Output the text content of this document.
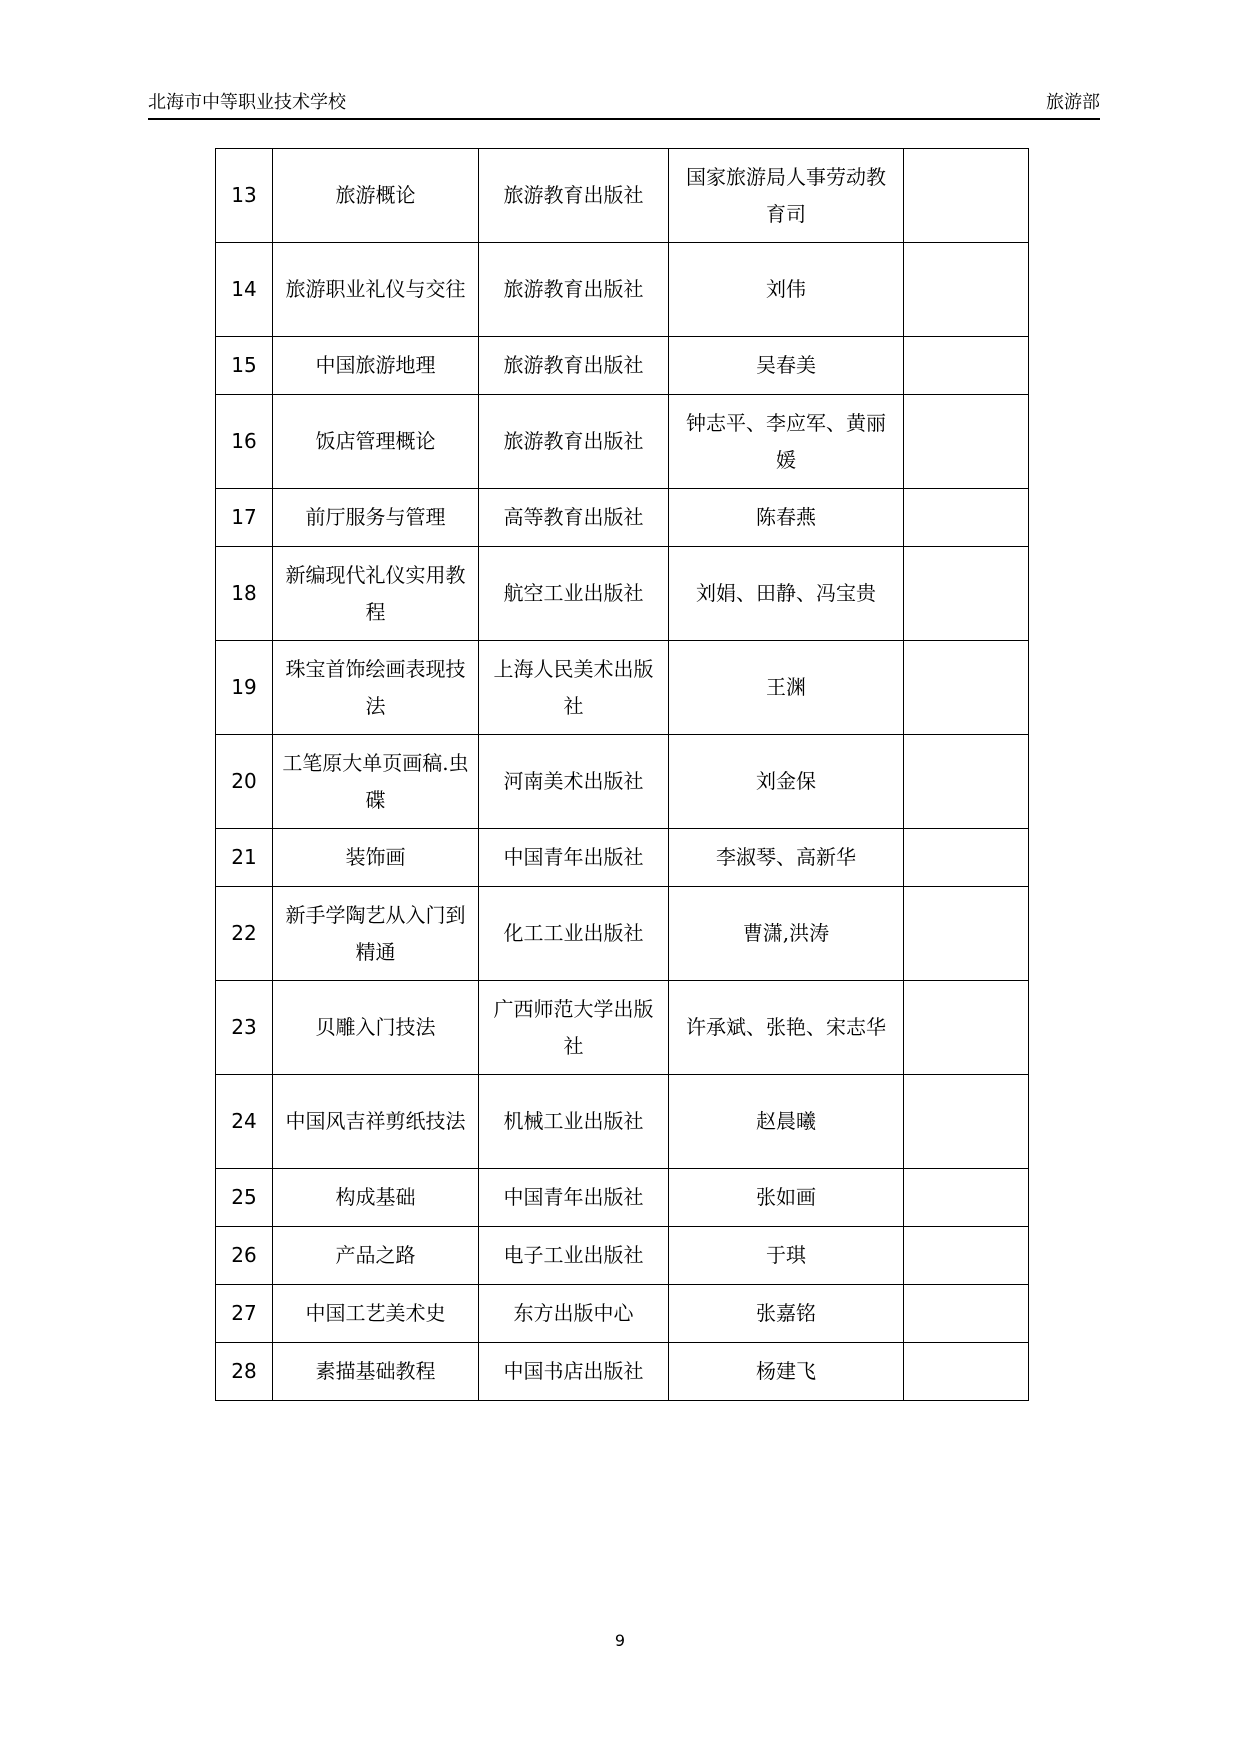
北海市中等职业技术学校	旅游部
13	旅游概论	旅游教育出版社	国家旅游局人事劳动教育司	
14	旅游职业礼仪与交往	旅游教育出版社	刘伟	
15	中国旅游地理	旅游教育出版社	吴春美	
16	饭店管理概论	旅游教育出版社	钟志平、李应军、黄丽媛	
17	前厅服务与管理	高等教育出版社	陈春燕	
18	新编现代礼仪实用教程	航空工业出版社	刘娟、田静、冯宝贵	
19	珠宝首饰绘画表现技法	上海人民美术出版社	王渊	
20	工笔原大单页画稿.虫碟	河南美术出版社	刘金保	
21	装饰画	中国青年出版社	李淑琴、高新华	
22	新手学陶艺从入门到精通	化工工业出版社	曹潇,洪涛	
23	贝雕入门技法	广西师范大学出版社	许承斌、张艳、宋志华	
24	中国风吉祥剪纸技法	机械工业出版社	赵晨曦	
25	构成基础	中国青年出版社	张如画	
26	产品之路	电子工业出版社	于琪	
27	中国工艺美术史	东方出版中心	张嘉铭	
28	素描基础教程	中国书店出版社	杨建飞	
9
